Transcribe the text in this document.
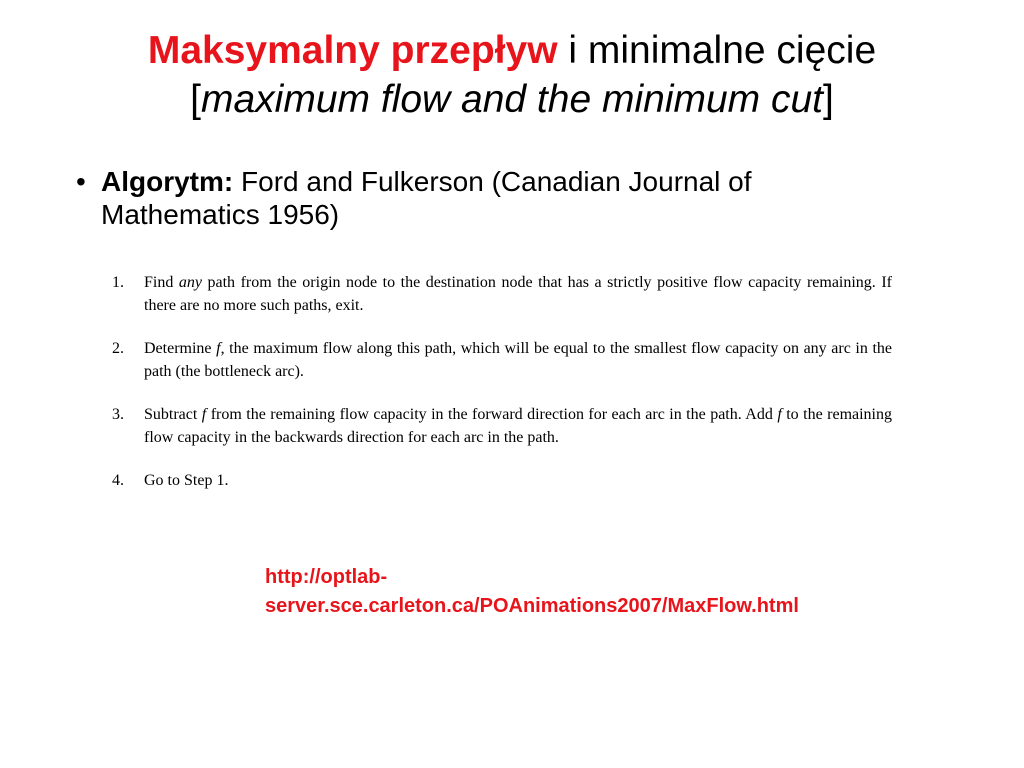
Maksymalny przepływ i minimalne cięcie
[maximum flow and the minimum cut]
• Algorytm: Ford and Fulkerson (Canadian Journal of Mathematics 1956)
1. Find any path from the origin node to the destination node that has a strictly positive flow capacity remaining. If there are no more such paths, exit.
2. Determine f, the maximum flow along this path, which will be equal to the smallest flow capacity on any arc in the path (the bottleneck arc).
3. Subtract f from the remaining flow capacity in the forward direction for each arc in the path. Add f to the remaining flow capacity in the backwards direction for each arc in the path.
4. Go to Step 1.
http://optlab-
server.sce.carleton.ca/POAnimations2007/MaxFlow.html
